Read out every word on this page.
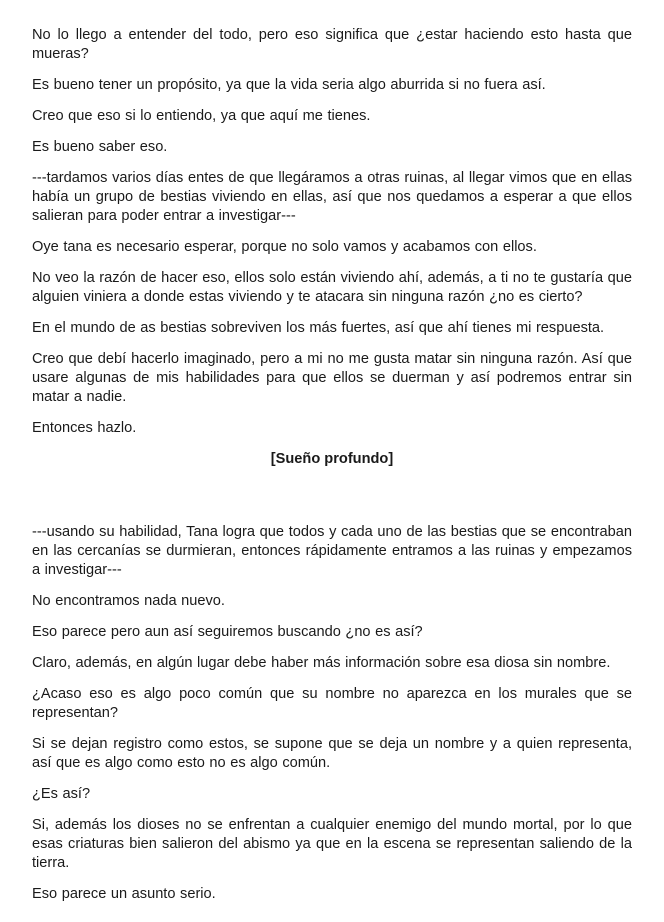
No lo llego a entender del todo, pero eso significa que ¿estar haciendo esto hasta que mueras?

Es bueno tener un propósito, ya que la vida seria algo aburrida si no fuera así.

Creo que eso si lo entiendo, ya que aquí me tienes.

Es bueno saber eso.

---tardamos varios días entes de que llegáramos a otras ruinas, al llegar vimos que en ellas había un grupo de bestias viviendo en ellas, así que nos quedamos a esperar a que ellos salieran para poder entrar a investigar---

Oye tana es necesario esperar, porque no solo vamos y acabamos con ellos.

No veo la razón de hacer eso, ellos solo están viviendo ahí, además, a ti no te gustaría que alguien viniera a donde estas viviendo y te atacara sin ninguna razón ¿no es cierto?

En el mundo de as bestias sobreviven los más fuertes, así que ahí tienes mi respuesta.

Creo que debí hacerlo imaginado, pero a mi no me gusta matar sin ninguna razón. Así que usare algunas de mis habilidades para que ellos se duerman y así podremos entrar sin matar a nadie.

Entonces hazlo.

[Sueño profundo]

---usando su habilidad, Tana logra que todos y cada uno de las bestias que se encontraban en las cercanías se durmieran, entonces rápidamente entramos a las ruinas y empezamos a investigar---

No encontramos nada nuevo.

Eso parece pero aun así seguiremos buscando ¿no es así?

Claro, además, en algún lugar debe haber más información sobre esa diosa sin nombre.

¿Acaso eso es algo poco común que su nombre no aparezca en los murales que se representan?

Si se dejan registro como estos, se supone que se deja un nombre y a quien representa, así que es algo como esto no es algo común.

¿Es así?

Si, además los dioses no se enfrentan a cualquier enemigo del mundo mortal, por lo que esas criaturas bien salieron del abismo ya que en la escena se representan saliendo de la tierra.

Eso parece un asunto serio.
